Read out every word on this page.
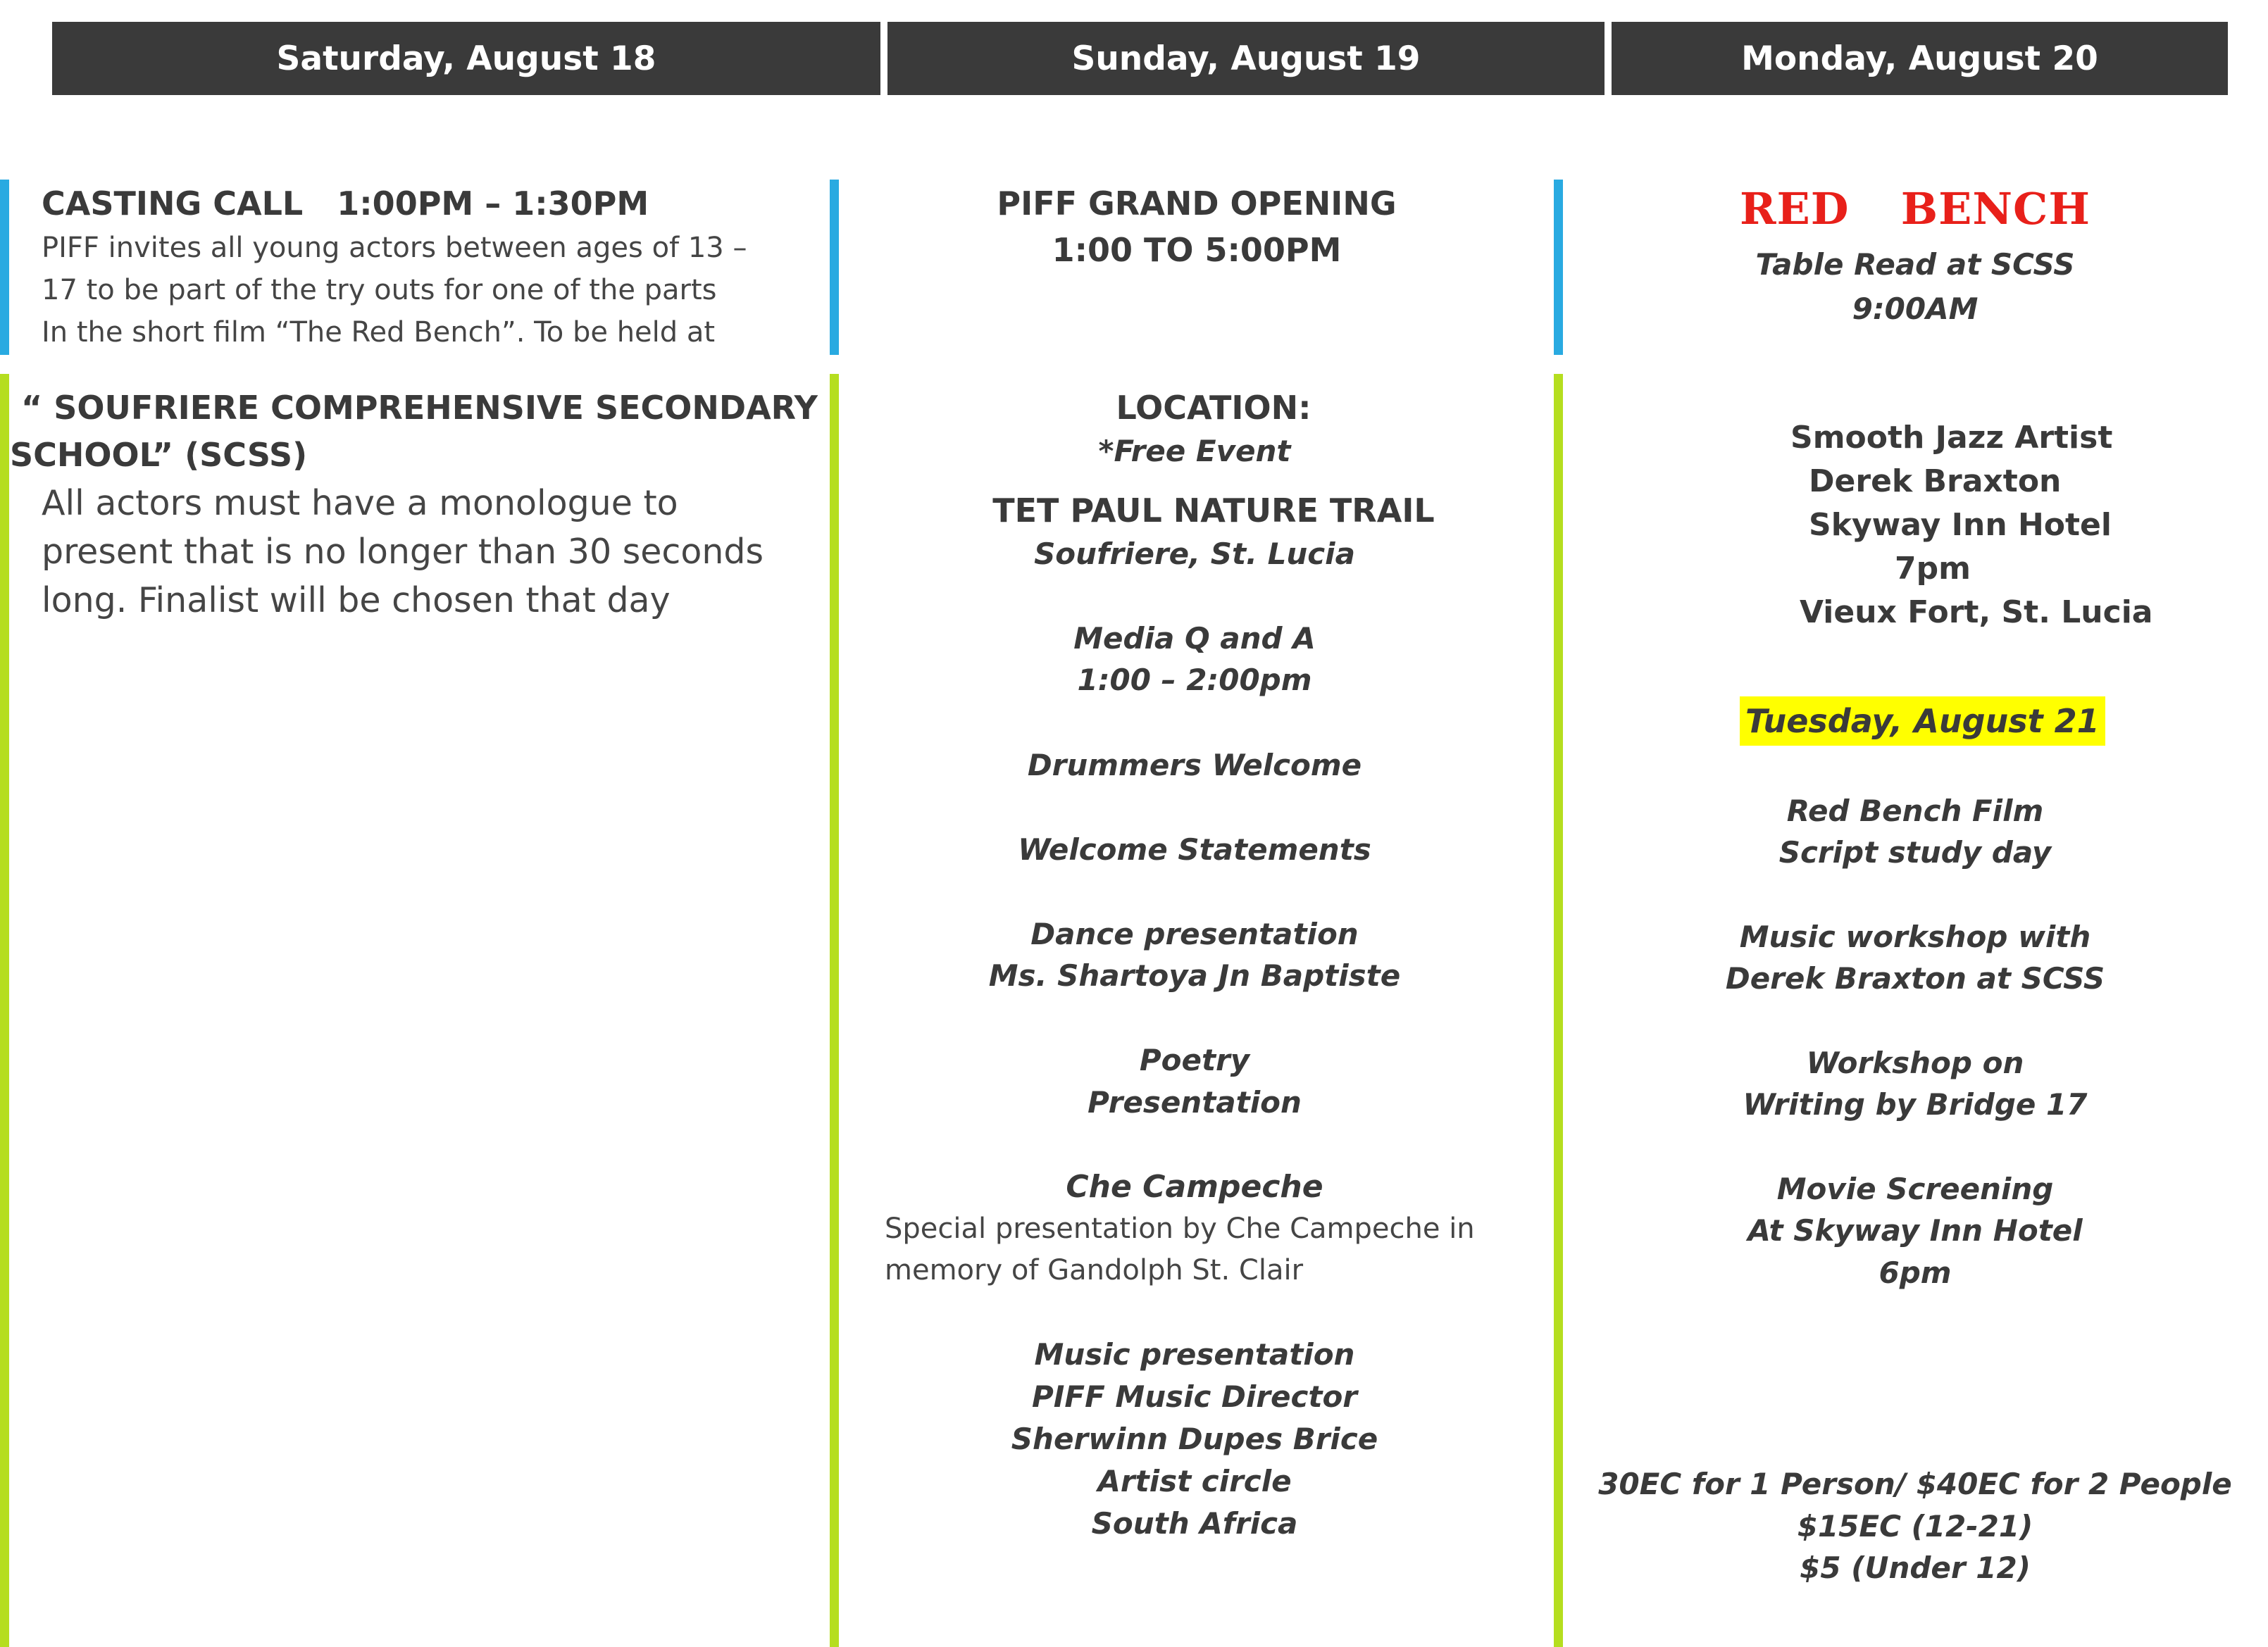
Saturday, August 18	Sunday, August 19	Monday, August 20
CASTING CALL   1:00PM – 1:30PM
PIFF invites all young actors between ages of 13 –
17 to be part of the try outs for one of the parts
In the short film “The Red Bench”. To be held at
“ SOUFRIERE COMPREHENSIVE SECONDARY
SCHOOL” (SCSS)
All actors must have a monologue to
present that is no longer than 30 seconds
long. Finalist will be chosen that day
PIFF GRAND OPENING
1:00 TO 5:00PM
LOCATION:
*Free Event
TET PAUL NATURE TRAIL
Soufriere, St. Lucia
Media Q and A
1:00 – 2:00pm
Drummers Welcome
Welcome Statements
Dance presentation
Ms. Shartoya Jn Baptiste
Poetry
Presentation
Che Campeche
Special presentation by Che Campeche in
memory of Gandolph St. Clair
Music presentation
PIFF Music Director
Sherwinn Dupes Brice
Artist circle
South Africa
RED  BENCH
Table Read at SCSS
9:00AM
Smooth Jazz Artist
Derek Braxton
Skyway Inn Hotel
7pm
Vieux Fort, St. Lucia
Tuesday, August 21
Red Bench Film
Script study day
Music workshop with
Derek Braxton at SCSS
Workshop on
Writing by Bridge 17
Movie Screening
At Skyway Inn Hotel
6pm
30EC for 1 Person/ $40EC for 2 People
$15EC (12-21)
$5 (Under 12)
